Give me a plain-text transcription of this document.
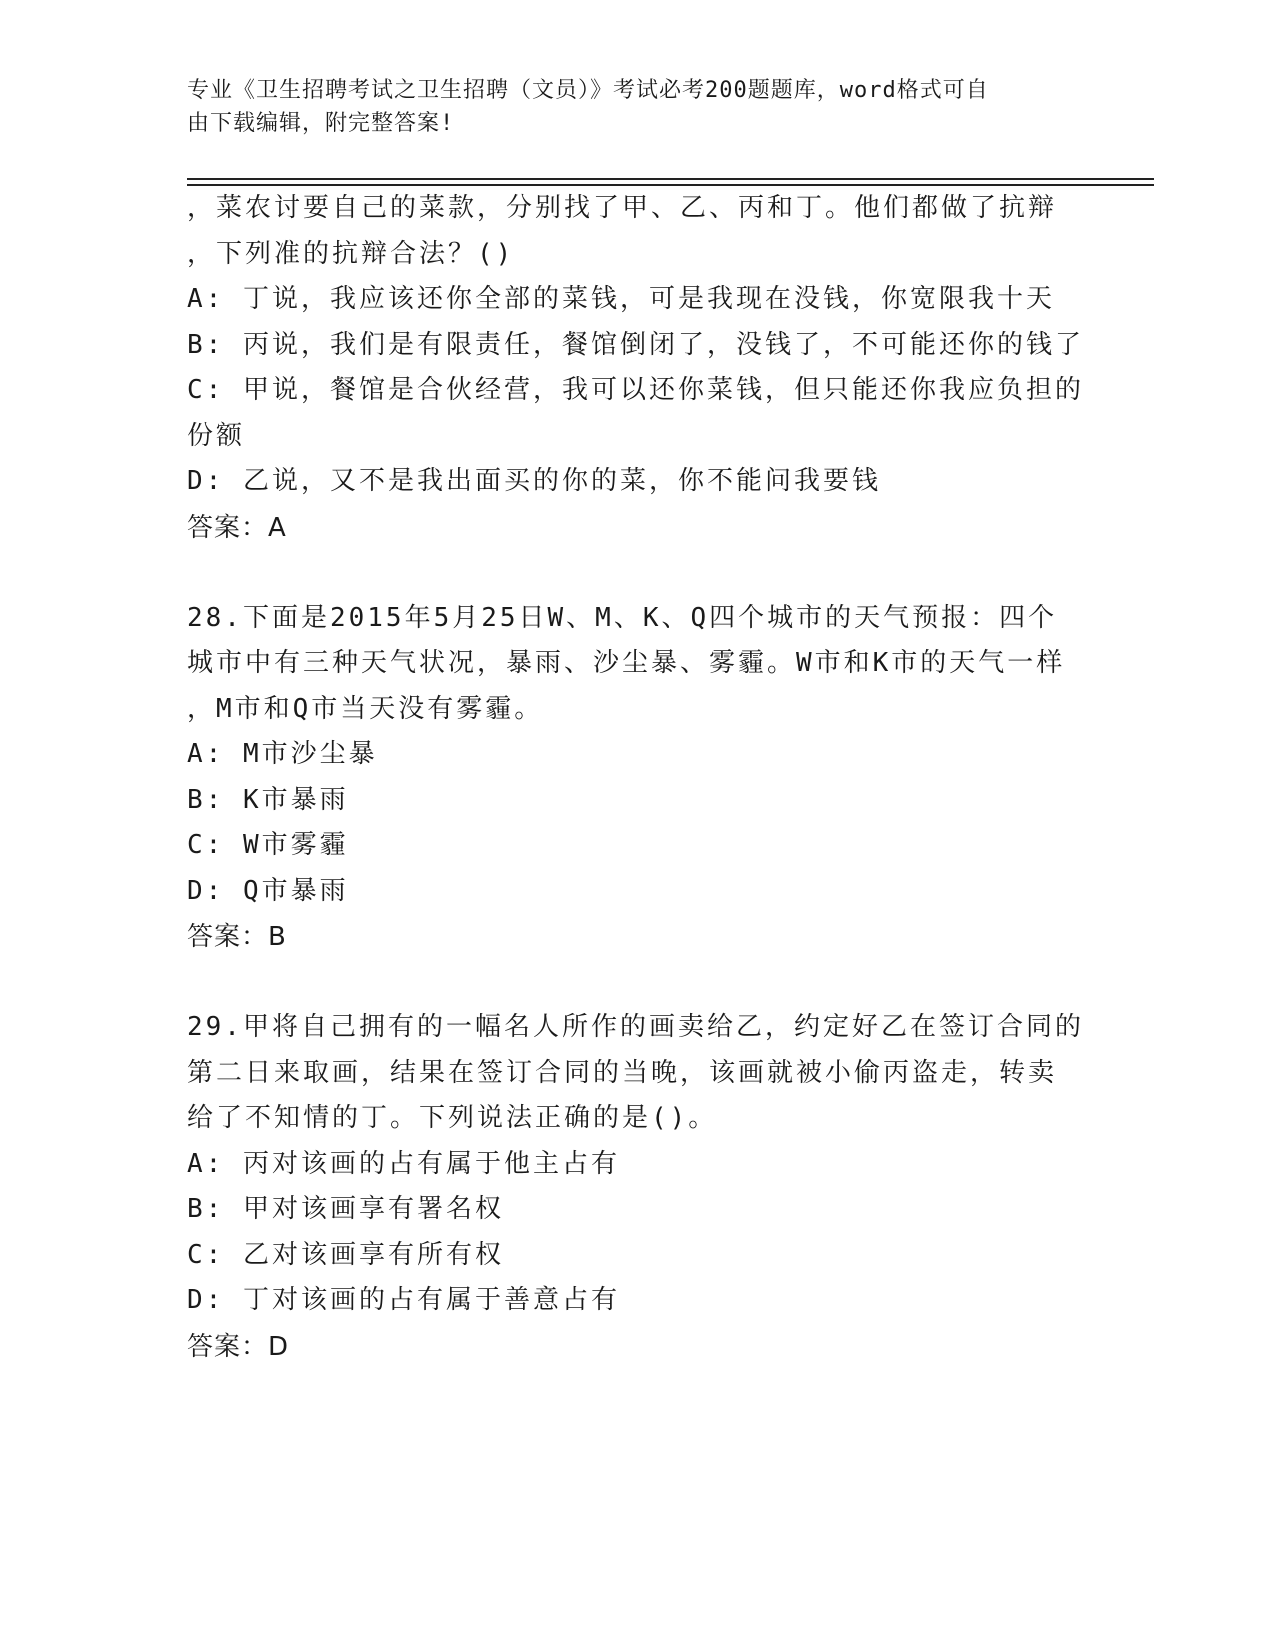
专业《卫生招聘考试之卫生招聘（文员）》考试必考200题题库，word格式可自
由下载编辑，附完整答案!
，菜农讨要自己的菜款，分别找了甲、乙、丙和丁。他们都做了抗辩
，下列准的抗辩合法？()
A: 丁说，我应该还你全部的菜钱，可是我现在没钱，你宽限我十天
B: 丙说，我们是有限责任，餐馆倒闭了，没钱了，不可能还你的钱了
C: 甲说，餐馆是合伙经营，我可以还你菜钱，但只能还你我应负担的
份额
D: 乙说，又不是我出面买的你的菜，你不能问我要钱
答案：A
28.下面是2015年5月25日W、M、K、Q四个城市的天气预报：四个
城市中有三种天气状况，暴雨、沙尘暴、雾霾。W市和K市的天气一样
，M市和Q市当天没有雾霾。
A: M市沙尘暴
B: K市暴雨
C: W市雾霾
D: Q市暴雨
答案：B
29.甲将自己拥有的一幅名人所作的画卖给乙，约定好乙在签订合同的
第二日来取画，结果在签订合同的当晚，该画就被小偷丙盗走，转卖
给了不知情的丁。下列说法正确的是()。
A: 丙对该画的占有属于他主占有
B: 甲对该画享有署名权
C: 乙对该画享有所有权
D: 丁对该画的占有属于善意占有
答案：D
